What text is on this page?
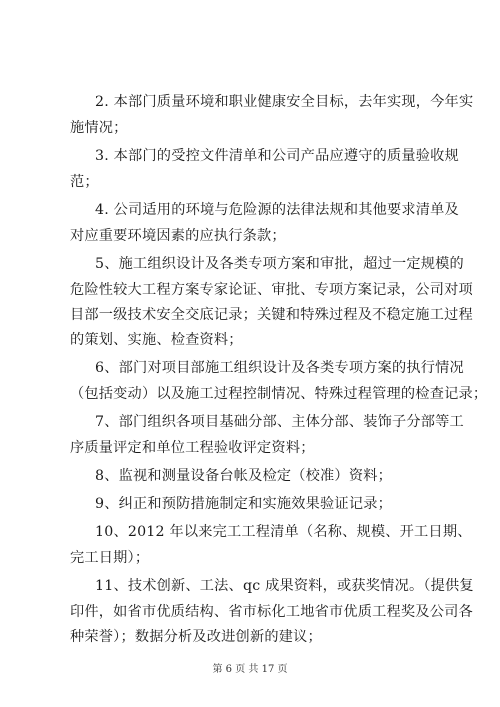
2. 本部门质量环境和职业健康安全目标，去年实现，今年实
施情况；
3. 本部门的受控文件清单和公司产品应遵守的质量验收规
范；
4. 公司适用的环境与危险源的法律法规和其他要求清单及
对应重要环境因素的应执行条款；
5、施工组织设计及各类专项方案和审批，超过一定规模的
危险性较大工程方案专家论证、审批、专项方案记录，公司对项
目部一级技术安全交底记录；关键和特殊过程及不稳定施工过程
的策划、实施、检查资料；
6、部门对项目部施工组织设计及各类专项方案的执行情况
（包括变动）以及施工过程控制情况、特殊过程管理的检查记录；
7、部门组织各项目基础分部、主体分部、装饰子分部等工
序质量评定和单位工程验收评定资料；
8、监视和测量设备台帐及检定（校准）资料；
9、纠正和预防措施制定和实施效果验证记录；
10、2012 年以来完工工程清单（名称、规模、开工日期、
完工日期）；
11、技术创新、工法、qc 成果资料，或获奖情况。（提供复
第 6 页 共 17 页
印件，如省市优质结构、省市标化工地省市优质工程奖及公司各
种荣誉）；数据分析及改进创新的建议；
